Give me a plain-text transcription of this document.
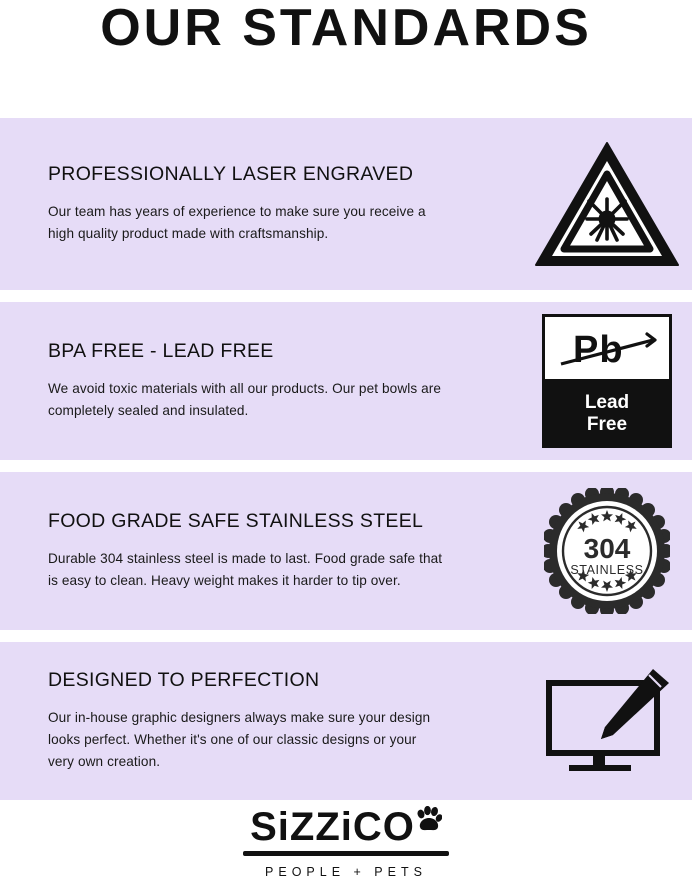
OUR STANDARDS
PROFESSIONALLY LASER ENGRAVED
Our team has years of experience to make sure you receive a high quality product made with craftsmanship.
BPA FREE - LEAD FREE
We avoid toxic materials with all our products. Our pet bowls are completely sealed and insulated.
Pb
Lead
Free
FOOD GRADE SAFE STAINLESS STEEL
Durable 304 stainless steel is made to last. Food grade safe that is easy to clean. Heavy weight makes it harder to tip over.
304
STAINLESS
DESIGNED TO PERFECTION
Our in-house graphic designers always make sure your design looks perfect. Whether it's one of our classic designs or your very own creation.
SiZZiCO
PEOPLE + PETS
